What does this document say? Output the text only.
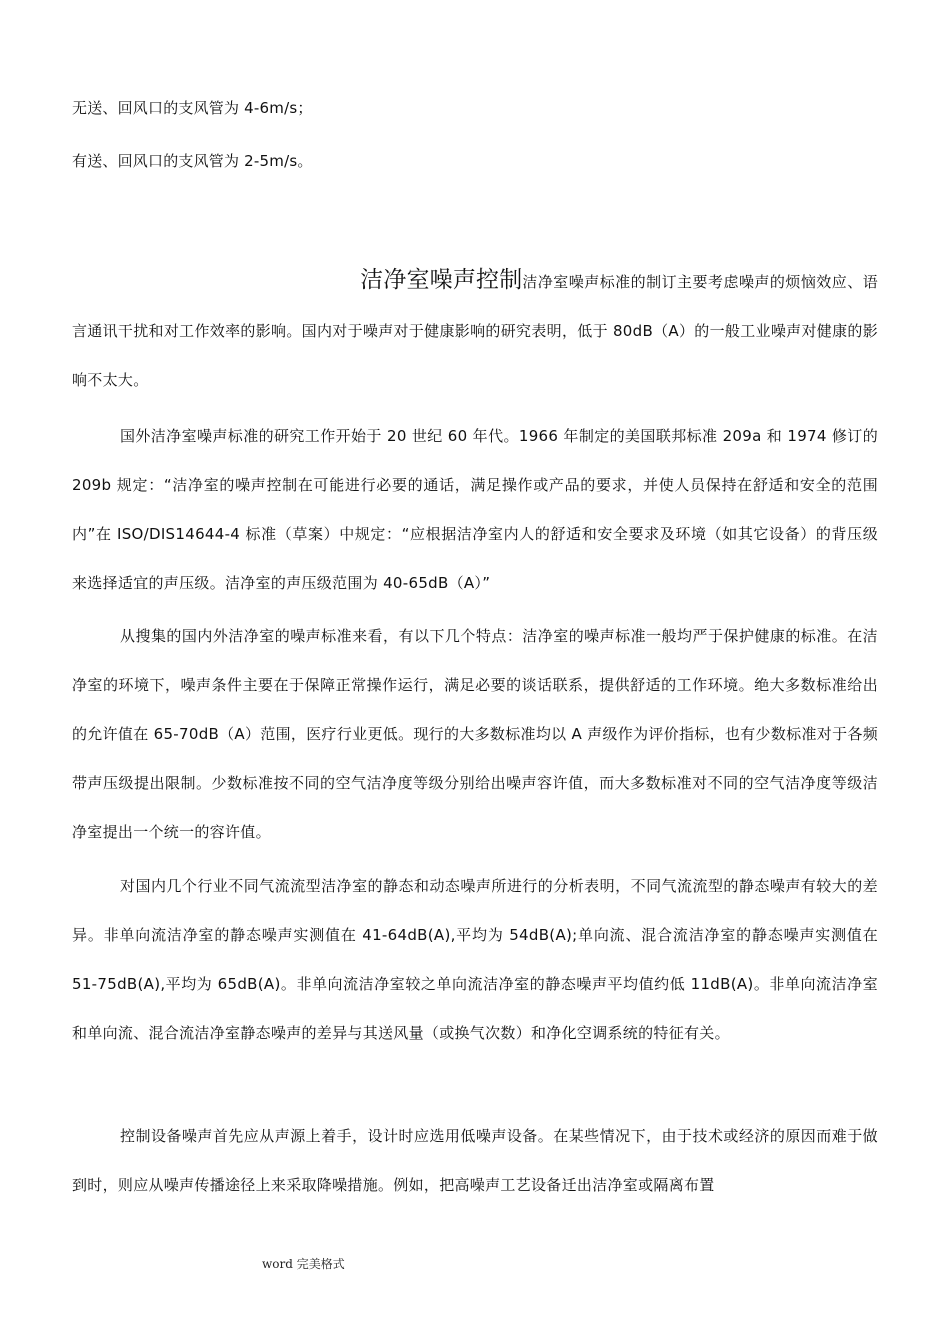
无送、回风口的支风管为 4-6m/s；
有送、回风口的支风管为 2-5m/s。
洁净室噪声控制洁净室噪声标准的制订主要考虑噪声的烦恼效应、语言通讯干扰和对工作效率的影响。国内对于噪声对于健康影响的研究表明，低于 80dB（A）的一般工业噪声对健康的影响不太大。
国外洁净室噪声标准的研究工作开始于 20 世纪 60 年代。1966 年制定的美国联邦标准 209a 和 1974 修订的 209b 规定：“洁净室的噪声控制在可能进行必要的通话，满足操作或产品的要求，并使人员保持在舒适和安全的范围内”在 ISO/DIS14644-4 标准（草案）中规定：“应根据洁净室内人的舒适和安全要求及环境（如其它设备）的背压级来选择适宜的声压级。洁净室的声压级范围为 40-65dB（A）”
从搜集的国内外洁净室的噪声标准来看，有以下几个特点：洁净室的噪声标准一般均严于保护健康的标准。在洁净室的环境下，噪声条件主要在于保障正常操作运行，满足必要的谈话联系，提供舒适的工作环境。绝大多数标准给出的允许值在 65-70dB（A）范围，医疗行业更低。现行的大多数标准均以 A 声级作为评价指标，也有少数标准对于各频带声压级提出限制。少数标准按不同的空气洁净度等级分别给出噪声容许值，而大多数标准对不同的空气洁净度等级洁净室提出一个统一的容许值。
对国内几个行业不同气流流型洁净室的静态和动态噪声所进行的分析表明，不同气流流型的静态噪声有较大的差异。非单向流洁净室的静态噪声实测值在 41-64dB(A),平均为 54dB(A);单向流、混合流洁净室的静态噪声实测值在 51-75dB(A),平均为 65dB(A)。非单向流洁净室较之单向流洁净室的静态噪声平均值约低 11dB(A)。非单向流洁净室和单向流、混合流洁净室静态噪声的差异与其送风量（或换气次数）和净化空调系统的特征有关。
控制设备噪声首先应从声源上着手，设计时应选用低噪声设备。在某些情况下，由于技术或经济的原因而难于做到时，则应从噪声传播途径上来采取降噪措施。例如，把高噪声工艺设备迁出洁净室或隔离布置
word 完美格式
